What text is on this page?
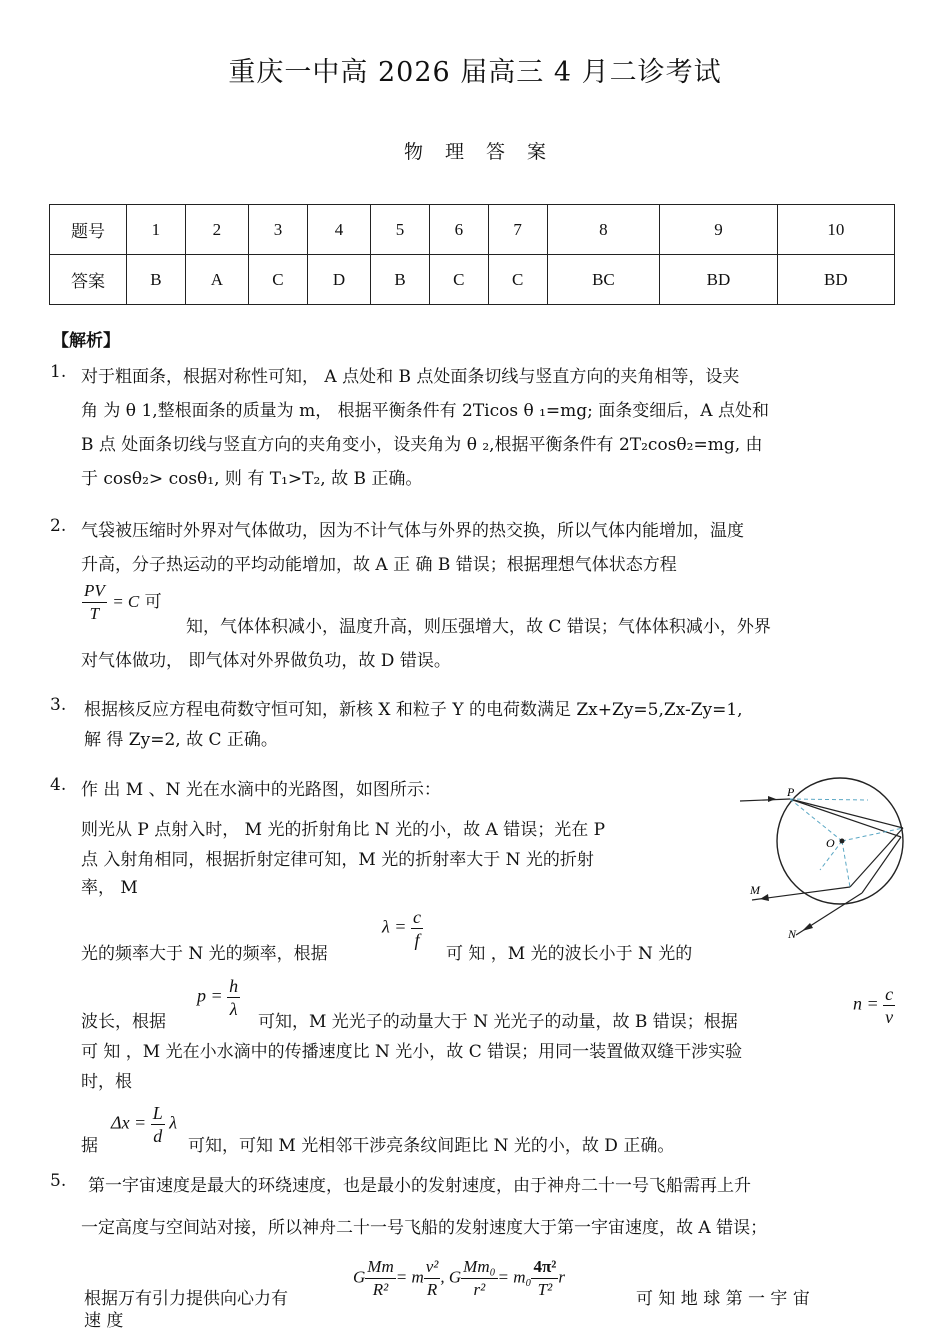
重庆一中高 2026 届高三 4 月二诊考试
物理答案
题号	1	2	3	4	5	6	7	8	9	10
答案	B	A	C	D	B	C	C	BC	BD	BD
【解析】
1. 对于粗面条，根据对称性可知， A 点处和 B 点处面条切线与竖直方向的夹角相等，设夹
角 为 θ 1,整根面条的质量为 m， 根据平衡条件有 2Ticos θ ₁=mg; 面条变细后，A 点处和
B 点 处面条切线与竖直方向的夹角变小，设夹角为 θ ₂,根据平衡条件有 2T₂cosθ₂=mg, 由
于 cosθ₂> cosθ₁, 则 有 T₁>T₂, 故 B 正确。
2. 气袋被压缩时外界对气体做功，因为不计气体与外界的热交换，所以气体内能增加，温度
升高，分子热运动的平均动能增加，故 A 正 确 B 错误；根据理想气体状态方程
$\frac{PV}{T} = C$ 可
知，气体体积减小，温度升高，则压强增大，故 C 错误；气体体积减小，外界
对气体做功， 即气体对外界做负功，故 D 错误。
3. 根据核反应方程电荷数守恒可知，新核 X 和粒子 Y 的电荷数满足 Zx+Zy=5,Zx-Zy=1,
解 得 Zy=2, 故 C 正确。
4. 作 出 M 、N 光在水滴中的光路图，如图所示：
则光从 P 点射入时， M 光的折射角比 N 光的小，故 A 错误；光在 P
点 入射角相同，根据折射定律可知，M 光的折射率大于 N 光的折射
率， M
$\lambda = \frac{c}{f}$
光的频率大于 N 光的频率，根据	可 知 ，M 光的波长小于 N 光的
$p = \frac{h}{\lambda}$
波长，根据	可知，M 光光子的动量大于 N 光光子的动量，故 B 错误；根据
$n = \frac{c}{v}$
可 知 ，M 光在小水滴中的传播速度比 N 光小，故 C 错误；用同一装置做双缝干涉实验
时，根
$\Delta x = \frac{L}{d}$ λ
据	可知，可知 M 光相邻干涉亮条纹间距比 N 光的小，故 D 正确。
P
O
M
N
5. 第一宇宙速度是最大的环绕速度，也是最小的发射速度，由于神舟二十一号飞船需再上升
一定高度与空间站对接，所以神舟二十一号飞船的发射速度大于第一宇宙速度，故 A 错误；
根据万有引力提供向心力有
G $\frac{Mm}{\text{R²}} = m \frac{\text{v²}}{R}$ , G $\frac{\text{Mm₀}}{\text{r²}} = m_0 \frac{\text{4π²}}{\text{T²}}$ r
可 知 地 球 第 一 宇 宙
速 度
